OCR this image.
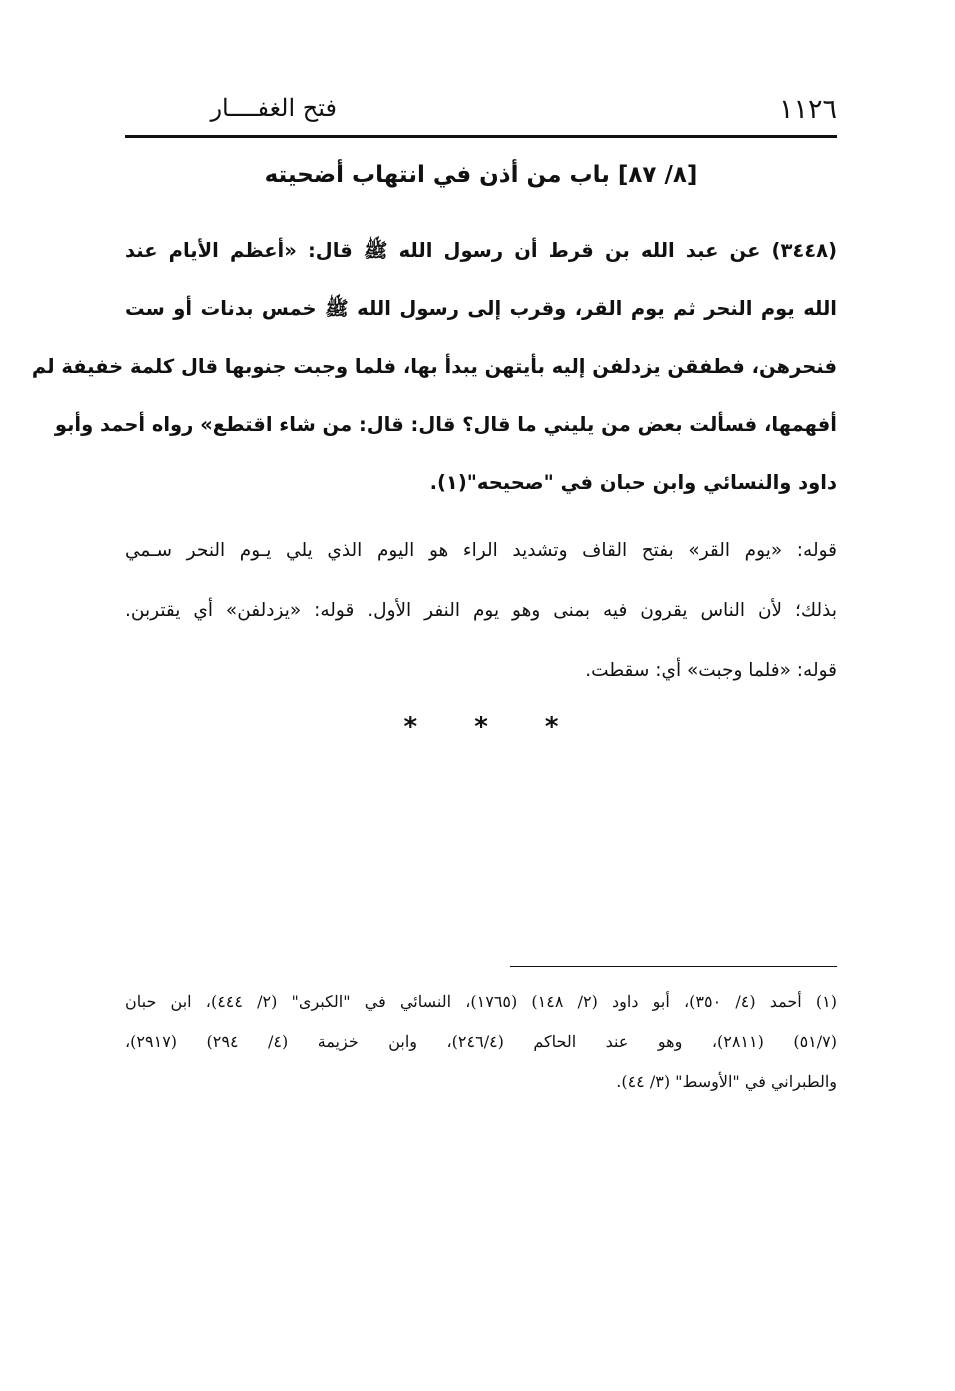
١١٢٦
فتح الغفــــار
[٨/ ٨٧] باب من أذن في انتهاب أضحيته
(٣٤٤٨) عن عبد الله بن قرط أن رسول الله ﷺ قال: «أعظم الأيام عند
الله يوم النحر ثم يوم القر، وقرب إلى رسول الله ﷺ خمس بدنات أو ست
فنحرهن، فطفقن يزدلفن إليه بأيتهن يبدأ بها، فلما وجبت جنوبها قال كلمة خفيفة لم
أفهمها، فسألت بعض من يليني ما قال؟ قال: قال: من شاء اقتطع» رواه أحمد وأبو
داود والنسائي وابن حبان في "صحيحه"(١).
قوله: «يوم القر» بفتح القاف وتشديد الراء هو اليوم الذي يلي يـوم النحر سـمي
بذلك؛ لأن الناس يقرون فيه بمنى وهو يوم النفر الأول. قوله: «يزدلفن» أي يقتربن.
قوله: «فلما وجبت» أي: سقطت.
* * *
(١) أحمد (٤/ ٣٥٠)، أبو داود (٢/ ١٤٨) (١٧٦٥)، النسائي في "الكبرى" (٢/ ٤٤٤)، ابن حبان
(٥١/٧) (٢٨١١)، وهو عند الحاكم (٢٤٦/٤)، وابن خزيمة (٤/ ٢٩٤) (٢٩١٧)،
والطبراني في "الأوسط" (٣/ ٤٤).
